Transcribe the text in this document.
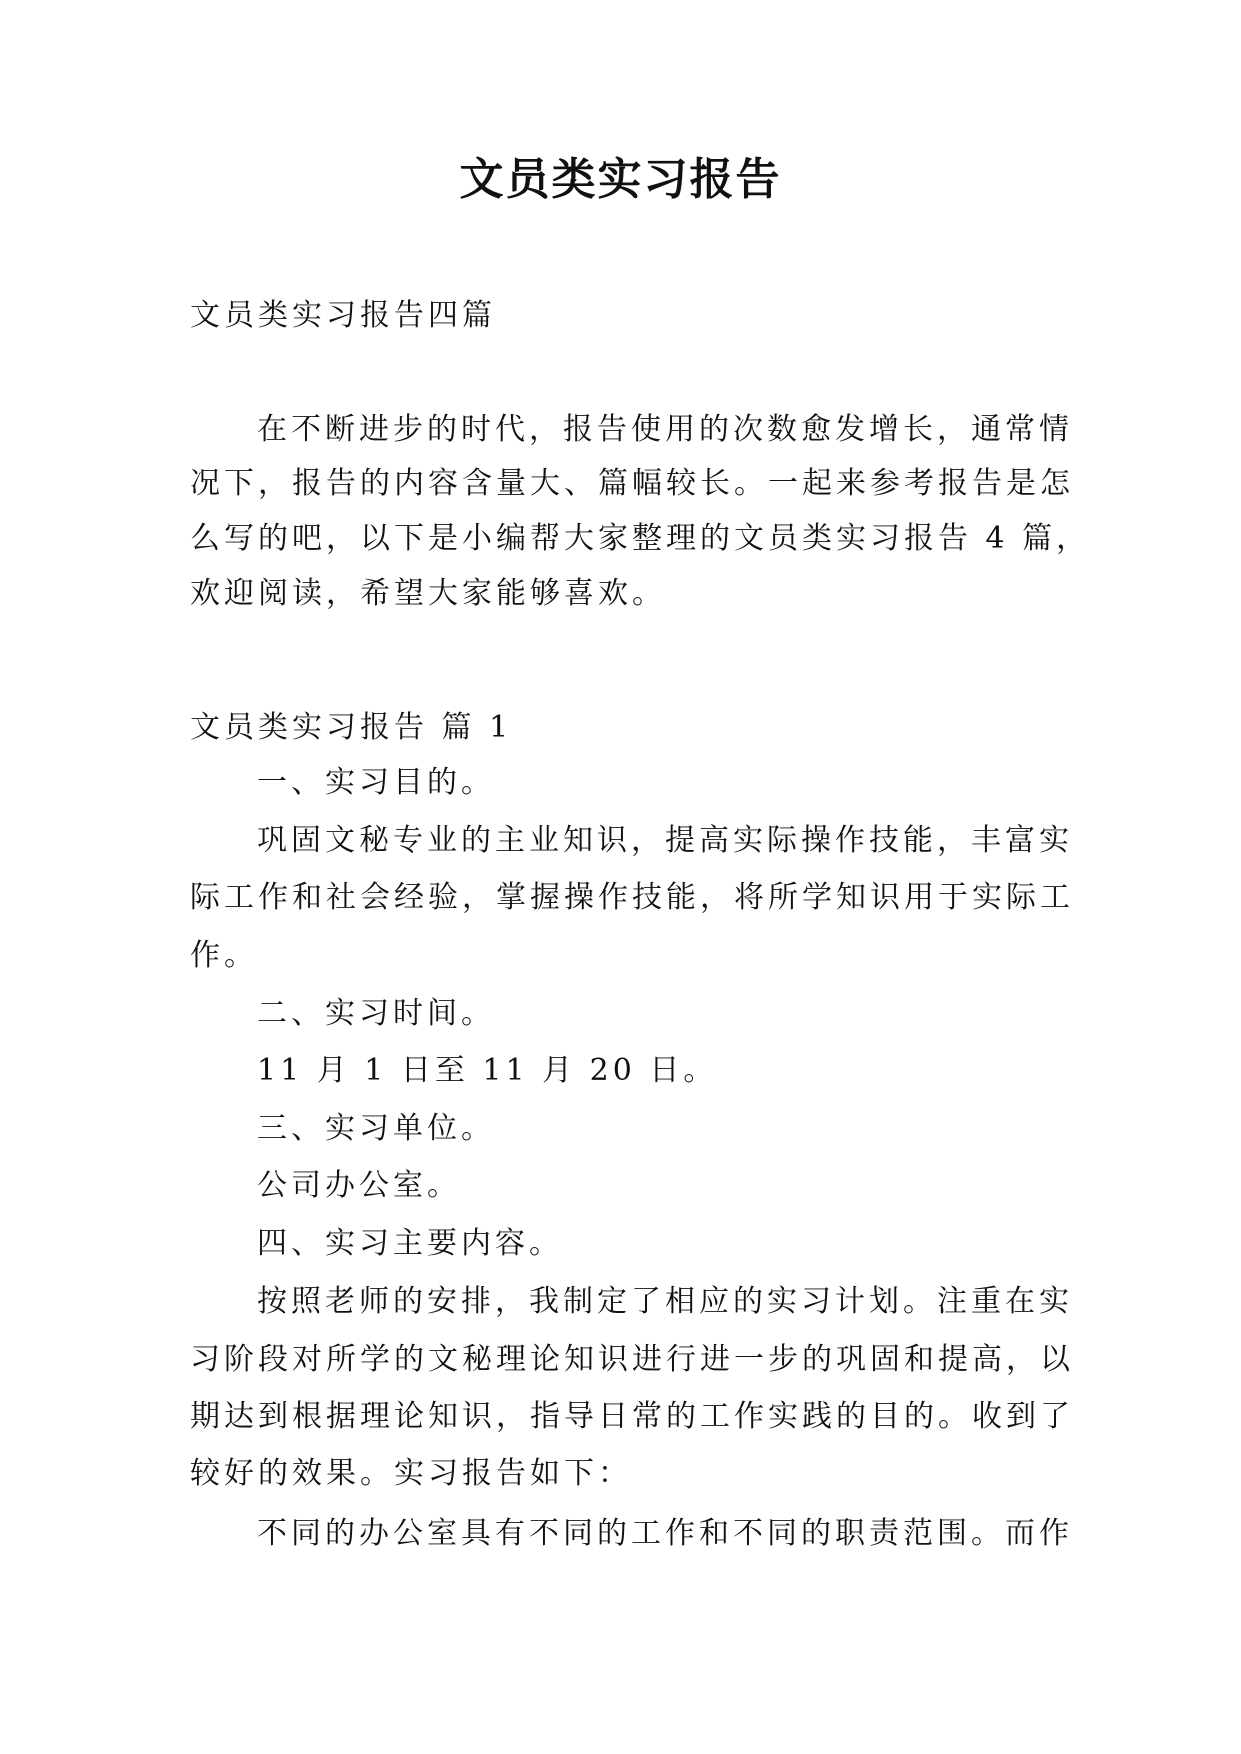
文员类实习报告

文员类实习报告四篇

在不断进步的时代，报告使用的次数愈发增长，通常情

况下，报告的内容含量大、篇幅较长。一起来参考报告是怎

么写的吧，以下是小编帮大家整理的文员类实习报告 4 篇，

欢迎阅读，希望大家能够喜欢。

文员类实习报告 篇 1

一、实习目的。

巩固文秘专业的主业知识，提高实际操作技能，丰富实

际工作和社会经验，掌握操作技能，将所学知识用于实际工

作。

二、实习时间。

11 月 1 日至 11 月 20 日。

三、实习单位。

公司办公室。

四、实习主要内容。

按照老师的安排，我制定了相应的实习计划。注重在实

习阶段对所学的文秘理论知识进行进一步的巩固和提高，以

期达到根据理论知识，指导日常的工作实践的目的。收到了

较好的效果。实习报告如下：

不同的办公室具有不同的工作和不同的职责范围。而作
